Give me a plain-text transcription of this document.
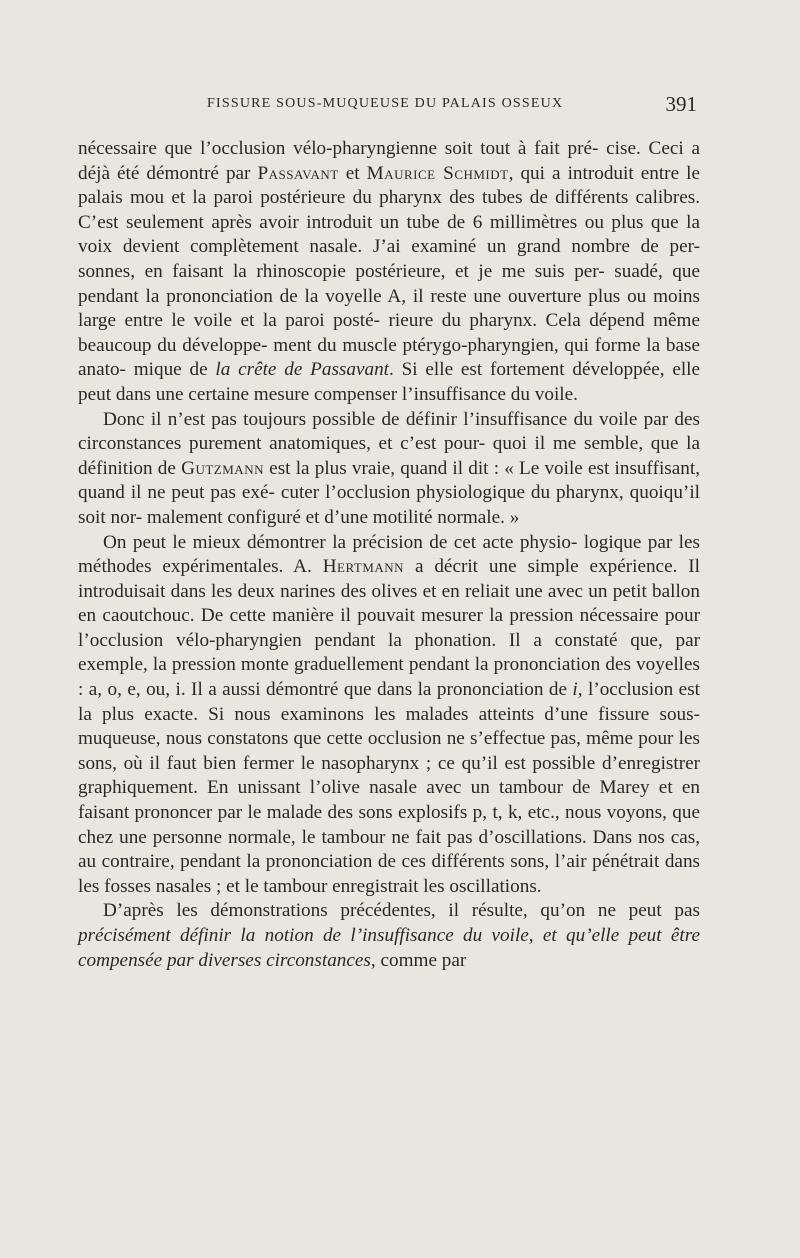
FISSURE SOUS-MUQUEUSE DU PALAIS OSSEUX	391

nécessaire que l’occlusion vélo-pharyngienne soit tout à fait pré- cise. Ceci a déjà été démontré par Passavant et Maurice Schmidt, qui a introduit entre le palais mou et la paroi postérieure du pharynx des tubes de différents calibres. C’est seulement après avoir introduit un tube de 6 millimètres ou plus que la voix devient complètement nasale. J’ai examiné un grand nombre de per- sonnes, en faisant la rhinoscopie postérieure, et je me suis per- suadé, que pendant la prononciation de la voyelle A, il reste une ouverture plus ou moins large entre le voile et la paroi posté- rieure du pharynx. Cela dépend même beaucoup du développe- ment du muscle ptérygo-pharyngien, qui forme la base anato- mique de la crête de Passavant. Si elle est fortement développée, elle peut dans une certaine mesure compenser l’insuffisance du voile.

Donc il n’est pas toujours possible de définir l’insuffisance du voile par des circonstances purement anatomiques, et c’est pour- quoi il me semble, que la définition de Gutzmann est la plus vraie, quand il dit : « Le voile est insuffisant, quand il ne peut pas exé- cuter l’occlusion physiologique du pharynx, quoiqu’il soit nor- malement configuré et d’une motilité normale. »

On peut le mieux démontrer la précision de cet acte physio- logique par les méthodes expérimentales. A. Hertmann a décrit une simple expérience. Il introduisait dans les deux narines des olives et en reliait une avec un petit ballon en caoutchouc. De cette manière il pouvait mesurer la pression nécessaire pour l’occlusion vélo-pharyngien pendant la phonation. Il a constaté que, par exemple, la pression monte graduellement pendant la prononciation des voyelles : a, o, e, ou, i. Il a aussi démontré que dans la prononciation de i, l’occlusion est la plus exacte. Si nous examinons les malades atteints d’une fissure sous-muqueuse, nous constatons que cette occlusion ne s’effectue pas, même pour les sons, où il faut bien fermer le nasopharynx ; ce qu’il est possible d’enregistrer graphiquement. En unissant l’olive nasale avec un tambour de Marey et en faisant prononcer par le malade des sons explosifs p, t, k, etc., nous voyons, que chez une personne normale, le tambour ne fait pas d’oscillations. Dans nos cas, au contraire, pendant la prononciation de ces différents sons, l’air pénétrait dans les fosses nasales ; et le tambour enregistrait les oscillations.

D’après les démonstrations précédentes, il résulte, qu’on ne peut pas précisément définir la notion de l’insuffisance du voile, et qu’elle peut être compensée par diverses circonstances, comme par
